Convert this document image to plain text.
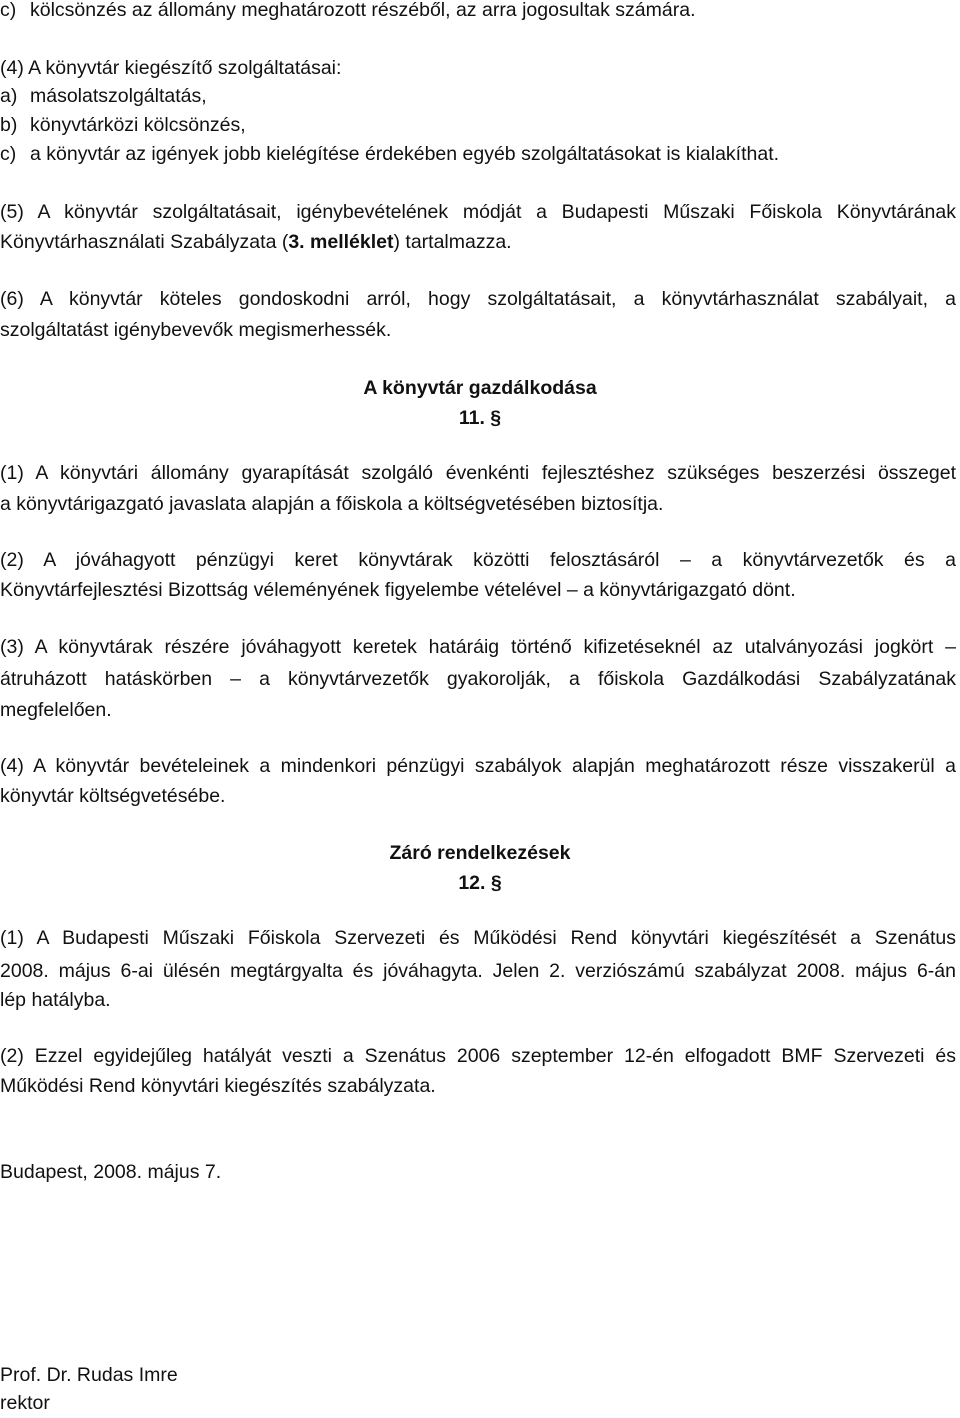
c) kölcsönzés az állomány meghatározott részéből, az arra jogosultak számára.
(4) A könyvtár kiegészítő szolgáltatásai:
a) másolatszolgáltatás,
b) könyvtárközi kölcsönzés,
c) a könyvtár az igények jobb kielégítése érdekében egyéb szolgáltatásokat is kialakíthat.
(5) A könyvtár szolgáltatásait, igénybevételének módját a Budapesti Műszaki Főiskola Könyvtárának
Könyvtárhasználati Szabályzata (3. melléklet) tartalmazza.
(6) A könyvtár köteles gondoskodni arról, hogy szolgáltatásait, a könyvtárhasználat szabályait, a
szolgáltatást igénybevevők megismerhessék.
A könyvtár gazdálkodása
11. §
(1) A könyvtári állomány gyarapítását szolgáló évenkénti fejlesztéshez szükséges beszerzési összeget
a könyvtárigazgató javaslata alapján a főiskola a költségvetésében biztosítja.
(2) A jóváhagyott pénzügyi keret könyvtárak közötti felosztásáról – a könyvtárvezetők és a
Könyvtárfejlesztési Bizottság véleményének figyelembe vételével – a könyvtárigazgató dönt.
(3) A könyvtárak részére jóváhagyott keretek határáig történő kifizetéseknél az utalványozási jogkört –
átruházott hatáskörben – a könyvtárvezetők gyakorolják, a főiskola Gazdálkodási Szabályzatának
megfelelően.
(4) A könyvtár bevételeinek a mindenkori pénzügyi szabályok alapján meghatározott része visszakerül a
könyvtár költségvetésébe.
Záró rendelkezések
12. §
(1) A Budapesti Műszaki Főiskola Szervezeti és Működési Rend könyvtári kiegészítését a Szenátus
2008. május 6-ai ülésén megtárgyalta és jóváhagyta. Jelen 2. verziószámú szabályzat 2008. május 6-án
lép hatályba.
(2) Ezzel egyidejűleg hatályát veszti a Szenátus 2006 szeptember 12-én elfogadott BMF Szervezeti és
Működési Rend könyvtári kiegészítés szabályzata.
Budapest, 2008. május 7.
Prof. Dr. Rudas Imre
rektor
